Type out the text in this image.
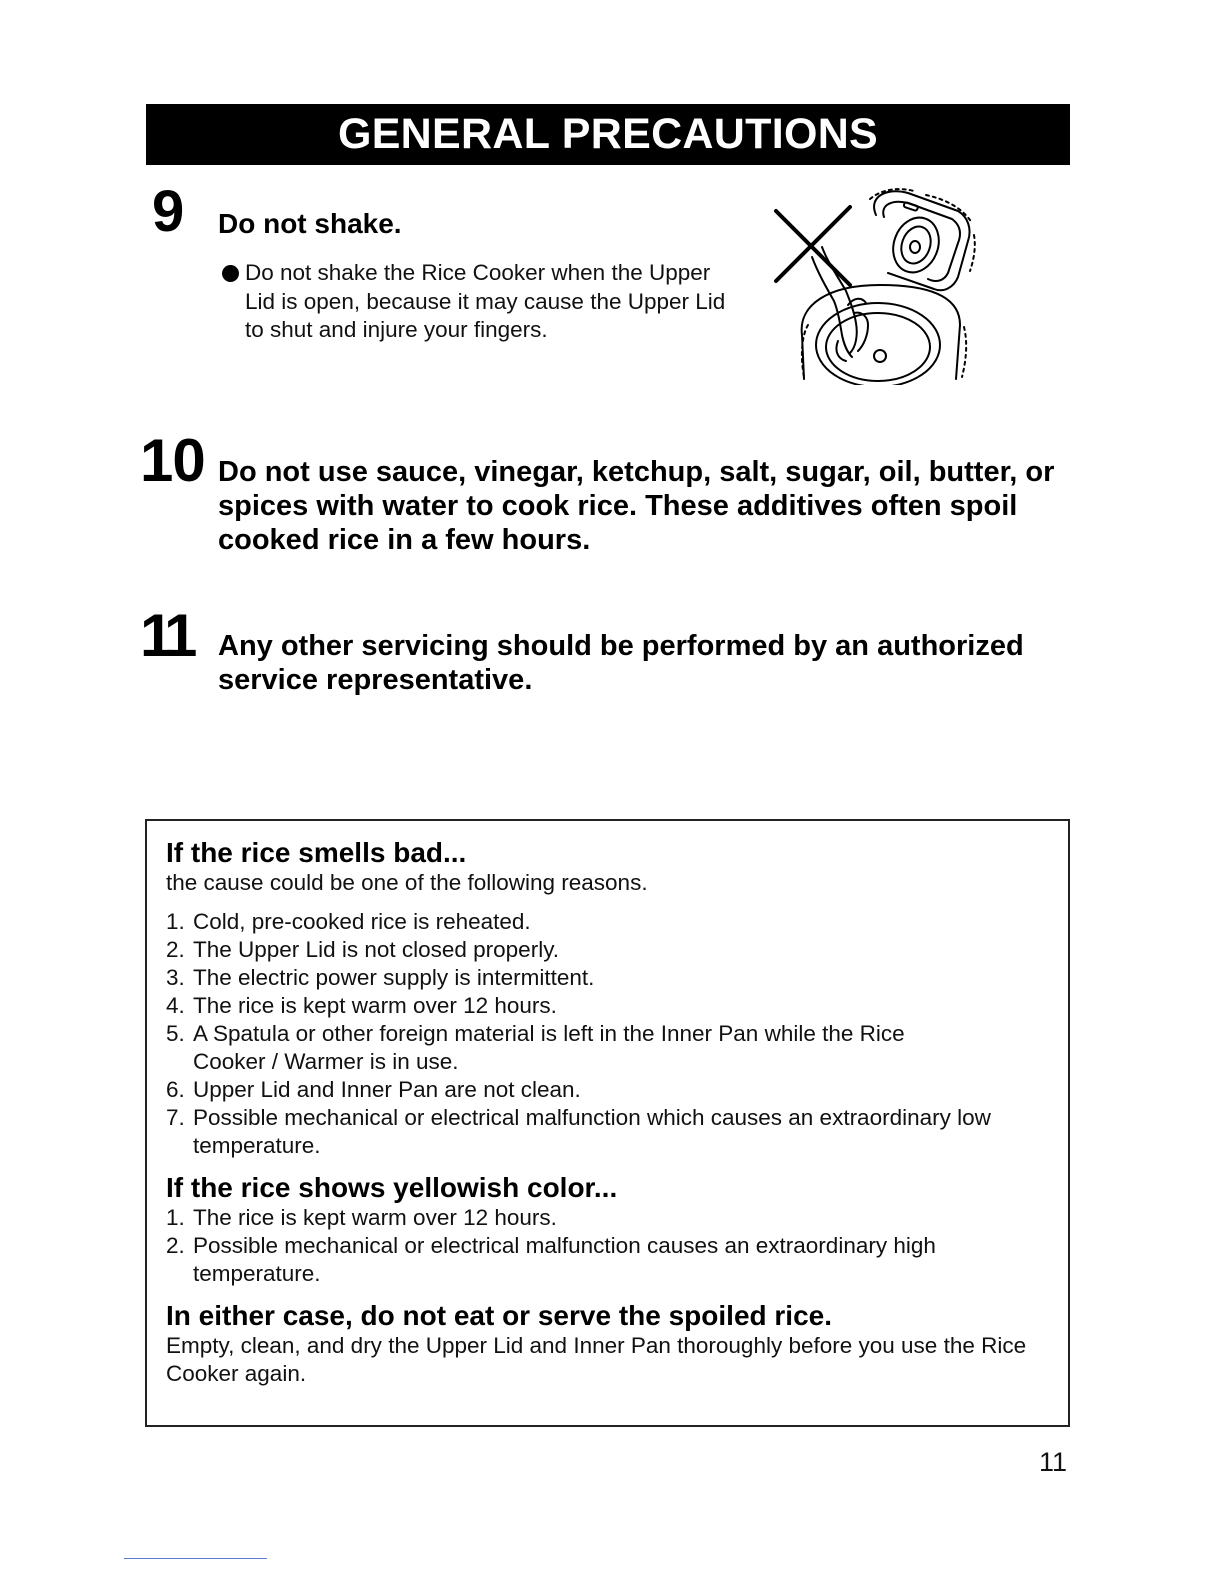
GENERAL PRECAUTIONS
9 Do not shake.
Do not shake the Rice Cooker when the Upper Lid is open, because it may cause the Upper Lid to shut and injure your fingers.
10 Do not use sauce, vinegar, ketchup, salt, sugar, oil, butter, or spices with water to cook rice. These additives often spoil cooked rice in a few hours.

11 Any other servicing should be performed by an authorized service representative.

If the rice smells bad...

the cause could be one of the following reasons.

1. Cold, pre-cooked rice is reheated.
2. The Upper Lid is not closed properly.
3. The electric power supply is intermittent.
4. The rice is kept warm over 12 hours.
5. A Spatula or other foreign material is left in the Inner Pan while the Rice Cooker / Warmer is in use.
6. Upper Lid and Inner Pan are not clean.
7. Possible mechanical or electrical malfunction which causes an extraordinary low temperature.
If the rice shows yellowish color...
1. The rice is kept warm over 12 hours.
2. Possible mechanical or electrical malfunction causes an extraordinary high temperature.
In either case, do not eat or serve the spoiled rice.

Empty, clean, and dry the Upper Lid and Inner Pan thoroughly before you use the Rice Cooker again.

11
